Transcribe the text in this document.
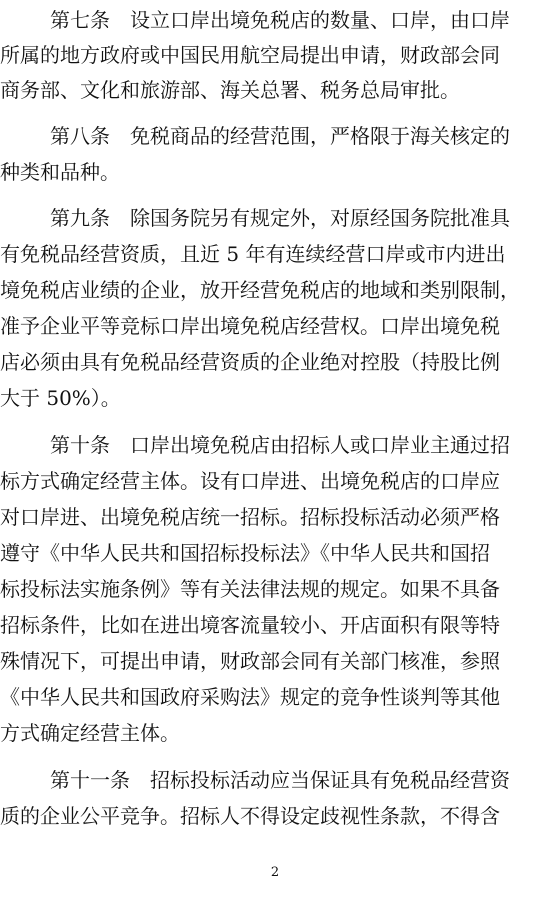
第七条　设立口岸出境免税店的数量、口岸，由口岸
所属的地方政府或中国民用航空局提出申请，财政部会同
商务部、文化和旅游部、海关总署、税务总局审批。
第八条　免税商品的经营范围，严格限于海关核定的
种类和品种。
第九条　除国务院另有规定外，对原经国务院批准具
有免税品经营资质，且近 5 年有连续经营口岸或市内进出
境免税店业绩的企业，放开经营免税店的地域和类别限制，
准予企业平等竞标口岸出境免税店经营权。口岸出境免税
店必须由具有免税品经营资质的企业绝对控股（持股比例
大于 50%）。
第十条　口岸出境免税店由招标人或口岸业主通过招
标方式确定经营主体。设有口岸进、出境免税店的口岸应
对口岸进、出境免税店统一招标。招标投标活动必须严格
遵守《中华人民共和国招标投标法》《中华人民共和国招
标投标法实施条例》等有关法律法规的规定。如果不具备
招标条件，比如在进出境客流量较小、开店面积有限等特
殊情况下，可提出申请，财政部会同有关部门核准，参照
《中华人民共和国政府采购法》规定的竞争性谈判等其他
方式确定经营主体。
第十一条　招标投标活动应当保证具有免税品经营资
质的企业公平竞争。招标人不得设定歧视性条款，不得含
2
